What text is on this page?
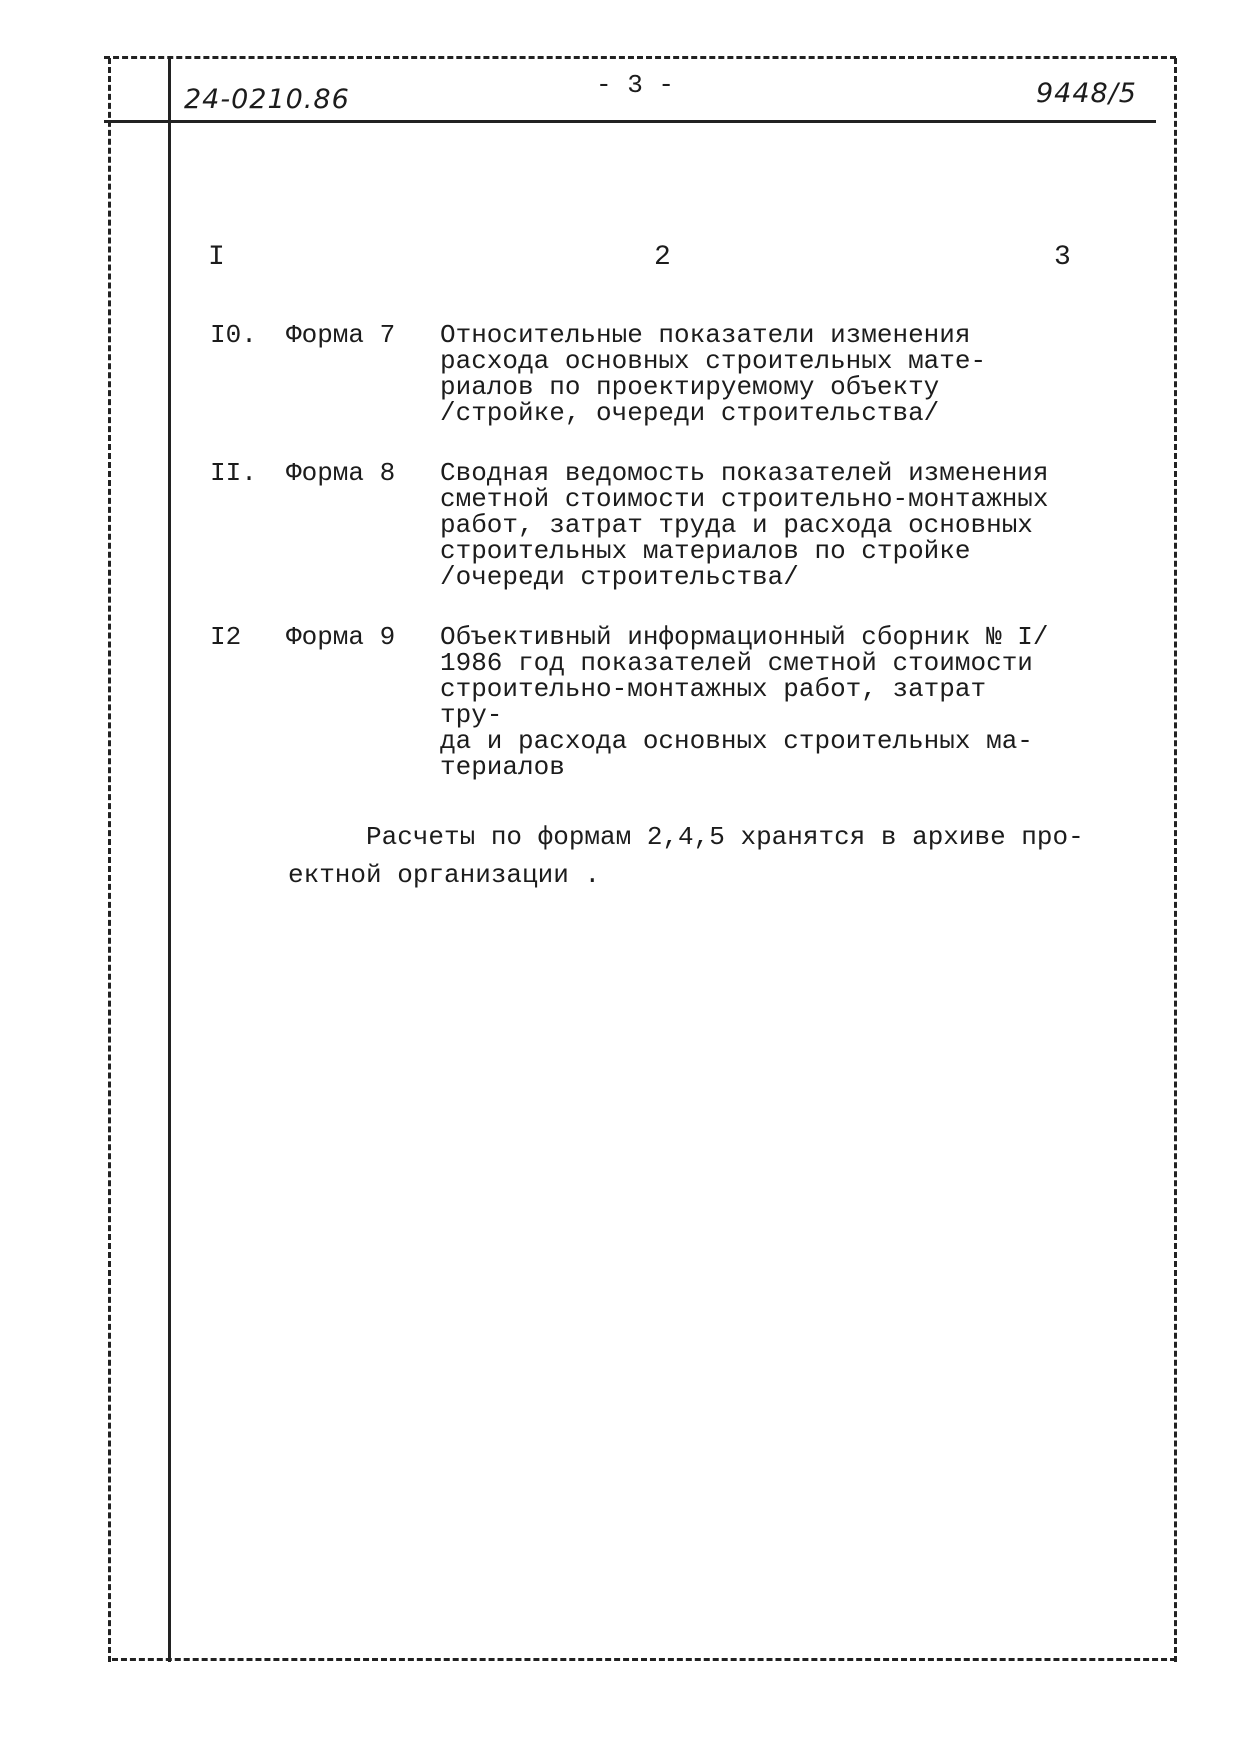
24-0210.86	- 3 -	9448/5
I	2	3
I0. Форма 7 Относительные показатели изменения
расхода основных строительных мате-
риалов по проектируемому объекту
/стройке, очереди строительства/
II. Форма 8 Сводная ведомость показателей изменения
сметной стоимости строительно-монтажных
работ, затрат труда и расхода основных
строительных материалов по стройке
/очереди строительства/
I2 Форма 9 Объективный информационный сборник № I/
1986 год показателей сметной стоимости
строительно-монтажных работ, затрат тру-
да и расхода основных строительных ма-
териалов
Расчеты по формам 2,4,5 хранятся в архиве про-ектной организации .
